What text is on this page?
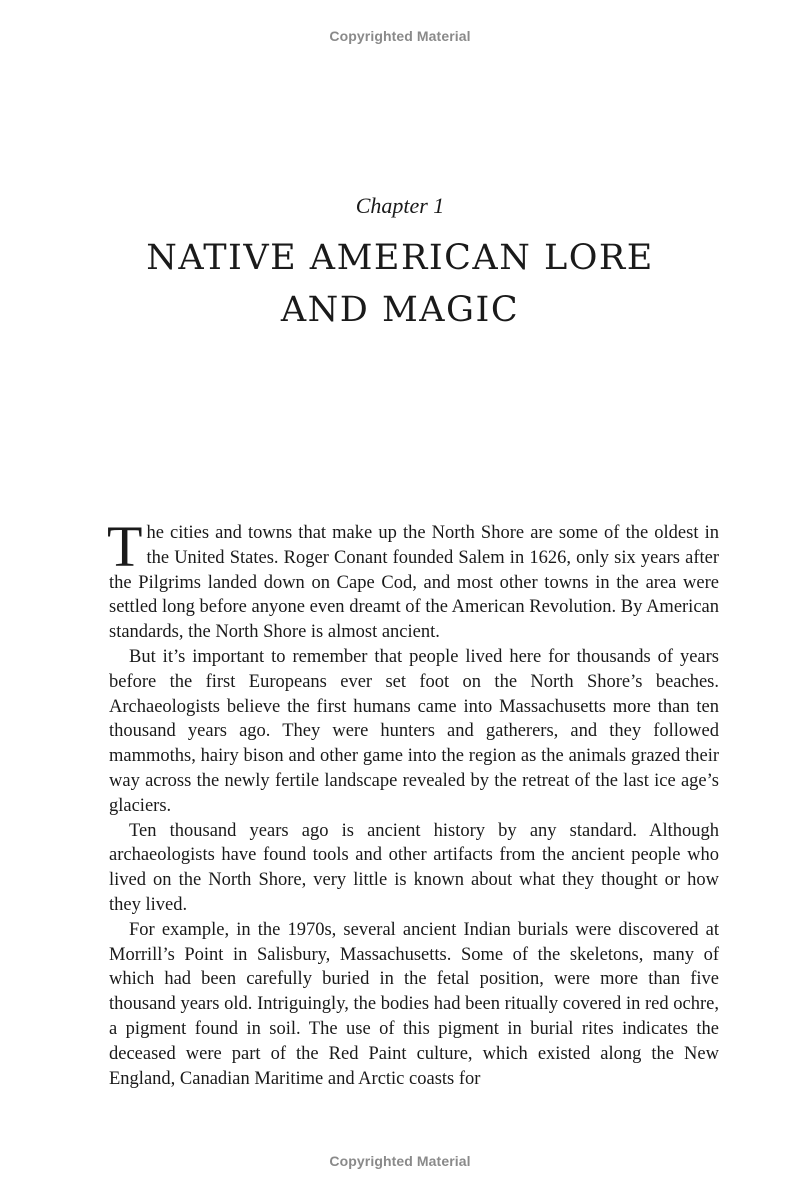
Copyrighted Material
Chapter 1
NATIVE AMERICAN LORE
AND MAGIC

The cities and towns that make up the North Shore are some of the oldest in the United States. Roger Conant founded Salem in 1626, only six years after the Pilgrims landed down on Cape Cod, and most other towns in the area were settled long before anyone even dreamt of the American Revolution. By American standards, the North Shore is almost ancient.

But it’s important to remember that people lived here for thousands of years before the first Europeans ever set foot on the North Shore’s beaches. Archaeologists believe the first humans came into Massachusetts more than ten thousand years ago. They were hunters and gatherers, and they followed mammoths, hairy bison and other game into the region as the animals grazed their way across the newly fertile landscape revealed by the retreat of the last ice age’s glaciers.

Ten thousand years ago is ancient history by any standard. Although archaeologists have found tools and other artifacts from the ancient people who lived on the North Shore, very little is known about what they thought or how they lived.

For example, in the 1970s, several ancient Indian burials were discovered at Morrill’s Point in Salisbury, Massachusetts. Some of the skeletons, many of which had been carefully buried in the fetal position, were more than five thousand years old. Intriguingly, the bodies had been ritually covered in red ochre, a pigment found in soil. The use of this pigment in burial rites indicates the deceased were part of the Red Paint culture, which existed along the New England, Canadian Maritime and Arctic coasts for

Copyrighted Material
